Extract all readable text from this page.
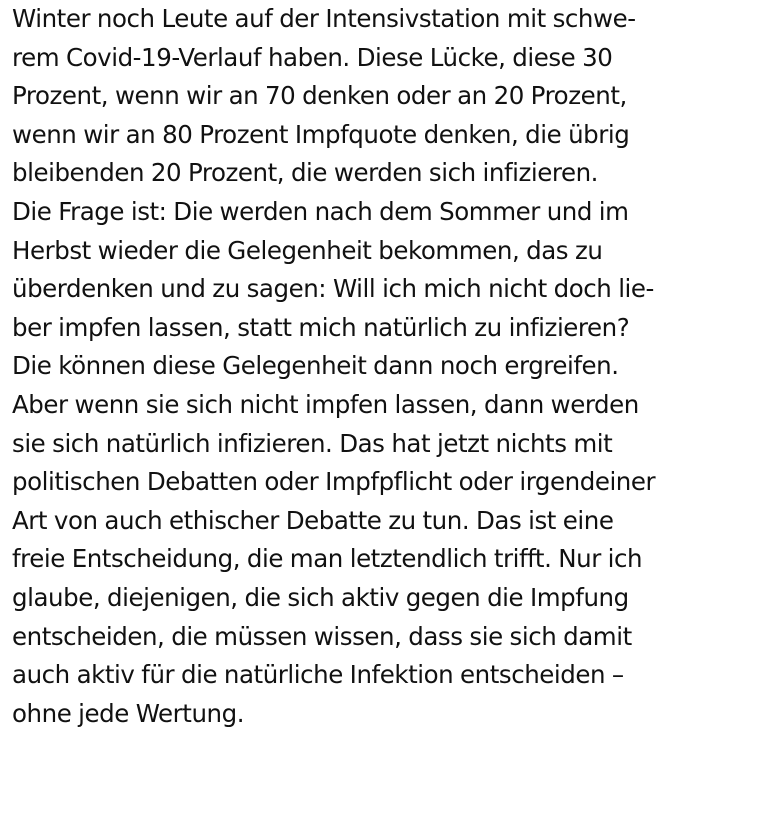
Winter noch Leute auf der Intensivstation mit schwe-
rem Covid-19-Verlauf haben. Diese Lücke, diese 30
Prozent, wenn wir an 70 denken oder an 20 Prozent,
wenn wir an 80 Prozent Impfquote denken, die übrig
bleibenden 20 Prozent, die werden sich infizieren.
Die Frage ist: Die werden nach dem Sommer und im
Herbst wieder die Gelegenheit bekommen, das zu
überdenken und zu sagen: Will ich mich nicht doch lie-
ber impfen lassen, statt mich natürlich zu infizieren?
Die können diese Gelegenheit dann noch ergreifen.
Aber wenn sie sich nicht impfen lassen, dann werden
sie sich natürlich infizieren. Das hat jetzt nichts mit
politischen Debatten oder Impfpflicht oder irgendeiner
Art von auch ethischer Debatte zu tun. Das ist eine
freie Entscheidung, die man letztendlich trifft. Nur ich
glaube, diejenigen, die sich aktiv gegen die Impfung
entscheiden, die müssen wissen, dass sie sich damit
auch aktiv für die natürliche Infektion entscheiden –
ohne jede Wertung.
